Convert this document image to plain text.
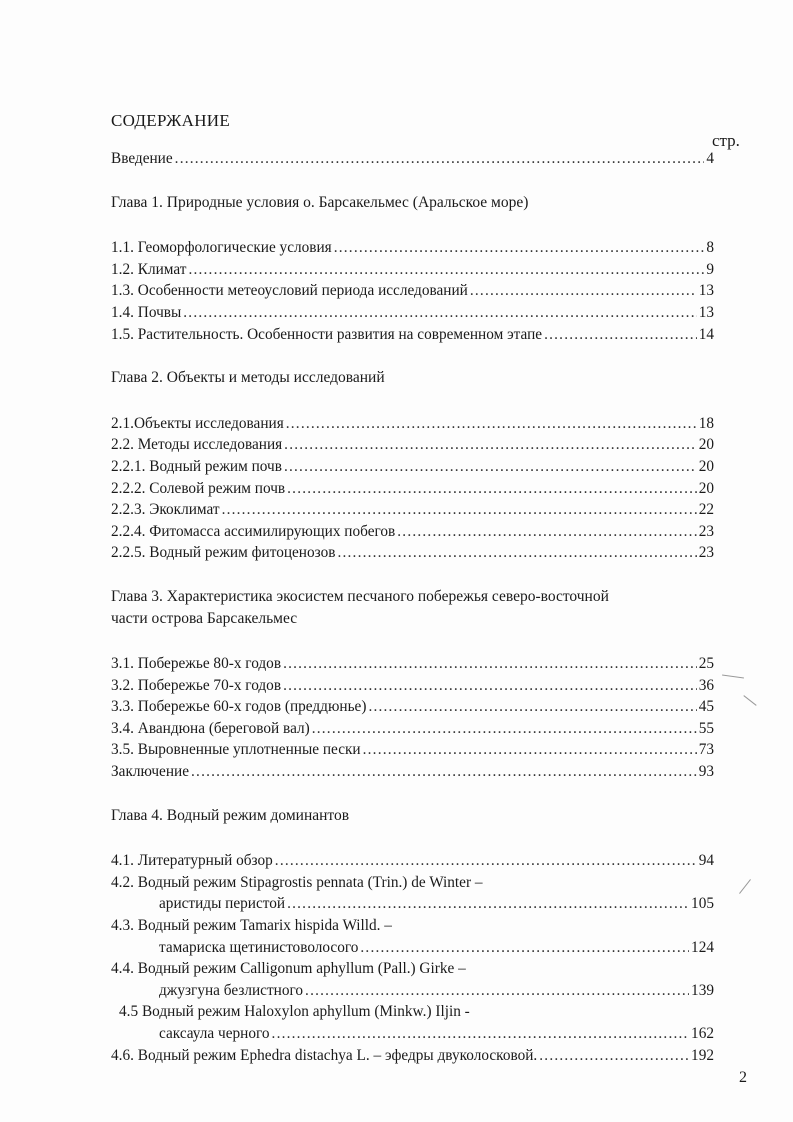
СОДЕРЖАНИЕ
стр.
Введение .....	4
Глава 1. Природные условия о. Барсакельмес (Аральское море)
1.1. Геоморфологические условия .....	8
1.2. Климат .....	9
1.3. Особенности метеоусловий периода исследований .....	13
1.4. Почвы .....	13
1.5. Растительность. Особенности развития на современном этапе .....	14
Глава 2. Объекты и методы исследований
2.1.Объекты исследования .....	18
2.2. Методы исследования .....	20
2.2.1. Водный режим почв .....	20
2.2.2. Солевой режим почв .....	20
2.2.3. Экоклимат .....	22
2.2.4. Фитомасса ассимилирующих побегов .....	23
2.2.5. Водный режим фитоценозов .....	23
Глава 3. Характеристика экосистем песчаного побережья северо-восточной
части острова Барсакельмес
3.1. Побережье 80-х годов .....	25
3.2. Побережье 70-х годов .....	36
3.3. Побережье 60-х годов (преддюнье) .....	45
3.4. Авандюна (береговой вал) .....	55
3.5. Выровненные уплотненные пески .....	73
Заключение .....	93
Глава 4. Водный режим доминантов
4.1. Литературный обзор .....	94
4.2. Водный режим Stipagrostis pennata (Trin.) de Winter –
аристиды перистой .....	105
4.3. Водный режим Tamarix hispida Willd. –
тамариска щетинистоволосого .....	124
4.4. Водный режим Calligonum aphyllum (Pall.) Girke –
джузгуна безлистного .....	139
4.5 Водный режим Haloxylon aphyllum (Minkw.) Iljin -
саксаула черного .....	162
4.6. Водный режим Ephedra distachya L. – эфедры двуколосковой. .....	192
2
